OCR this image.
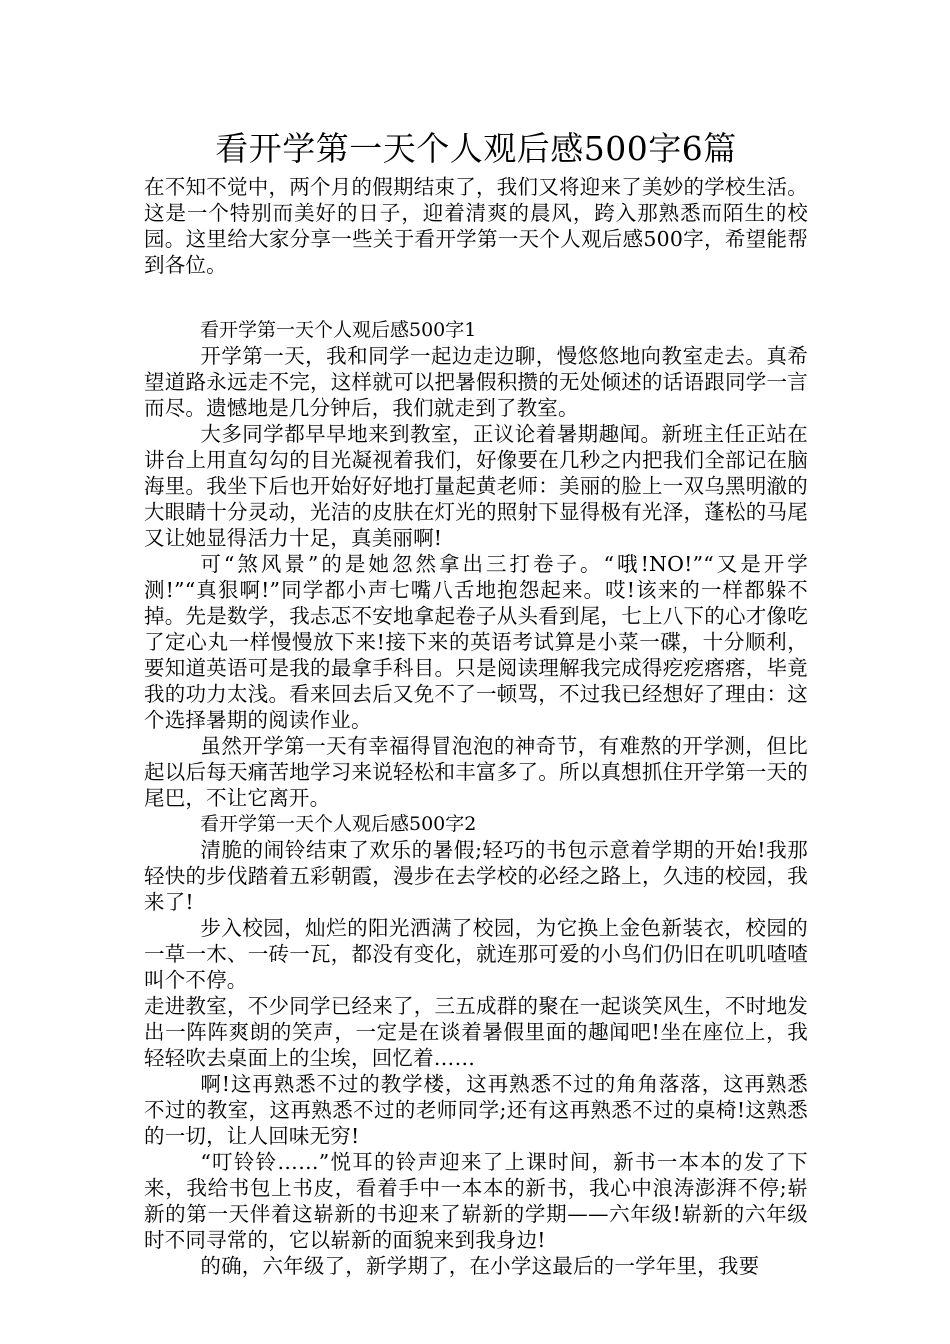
看开学第一天个人观后感500字6篇

在不知不觉中，两个月的假期结束了，我们又将迎来了美妙的学校生活。这是一个特别而美好的日子，迎着清爽的晨风，跨入那熟悉而陌生的校园。这里给大家分享一些关于看开学第一天个人观后感500字，希望能帮到各位。

看开学第一天个人观后感500字1

开学第一天，我和同学一起边走边聊，慢悠悠地向教室走去。真希望道路永远走不完，这样就可以把暑假积攒的无处倾述的话语跟同学一言而尽。遗憾地是几分钟后，我们就走到了教室。

大多同学都早早地来到教室，正议论着暑期趣闻。新班主任正站在讲台上用直勾勾的目光凝视着我们，好像要在几秒之内把我们全部记在脑海里。我坐下后也开始好好地打量起黄老师：美丽的脸上一双乌黑明澈的大眼睛十分灵动，光洁的皮肤在灯光的照射下显得极有光泽，蓬松的马尾又让她显得活力十足，真美丽啊!

可“煞风景”的是她忽然拿出三打卷子。“哦!NO!”“又是开学测!”“真狠啊!”同学都小声七嘴八舌地抱怨起来。哎!该来的一样都躲不掉。先是数学，我忐忑不安地拿起卷子从头看到尾，七上八下的心才像吃了定心丸一样慢慢放下来!接下来的英语考试算是小菜一碟，十分顺利，要知道英语可是我的最拿手科目。只是阅读理解我完成得疙疙瘩瘩，毕竟我的功力太浅。看来回去后又免不了一顿骂，不过我已经想好了理由：这个选择暑期的阅读作业。

虽然开学第一天有幸福得冒泡泡的神奇节，有难熬的开学测，但比起以后每天痛苦地学习来说轻松和丰富多了。所以真想抓住开学第一天的尾巴，不让它离开。

看开学第一天个人观后感500字2

清脆的闹铃结束了欢乐的暑假;轻巧的书包示意着学期的开始!我那轻快的步伐踏着五彩朝霞，漫步在去学校的必经之路上，久违的校园，我来了!

步入校园，灿烂的阳光洒满了校园，为它换上金色新装衣，校园的一草一木、一砖一瓦，都没有变化，就连那可爱的小鸟们仍旧在叽叽喳喳叫个不停。

走进教室，不少同学已经来了，三五成群的聚在一起谈笑风生，不时地发出一阵阵爽朗的笑声，一定是在谈着暑假里面的趣闻吧!坐在座位上，我轻轻吹去桌面上的尘埃，回忆着……

啊!这再熟悉不过的教学楼，这再熟悉不过的角角落落，这再熟悉不过的教室，这再熟悉不过的老师同学;还有这再熟悉不过的桌椅!这熟悉的一切，让人回味无穷!

“叮铃铃……”悦耳的铃声迎来了上课时间，新书一本本的发了下来，我给书包上书皮，看着手中一本本的新书，我心中浪涛澎湃不停;崭新的第一天伴着这崭新的书迎来了崭新的学期——六年级!崭新的六年级时不同寻常的，它以崭新的面貌来到我身边!

的确，六年级了，新学期了，在小学这最后的一学年里，我要
